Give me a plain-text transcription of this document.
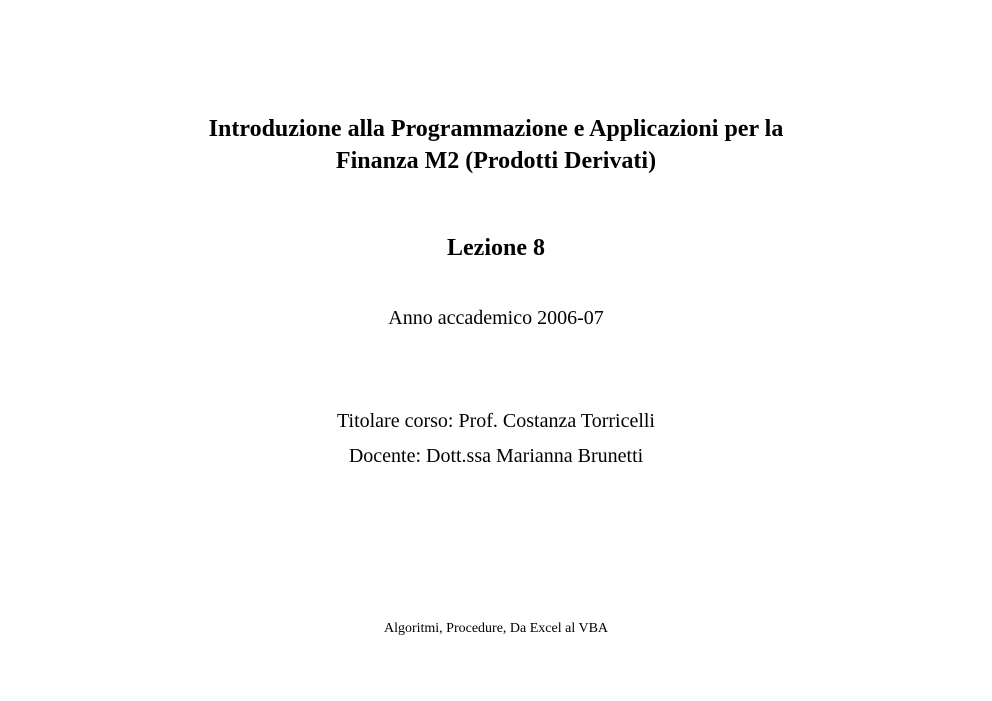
Introduzione alla Programmazione e Applicazioni per la
Finanza M2 (Prodotti Derivati)
Lezione 8
Anno accademico 2006-07
Titolare corso: Prof. Costanza Torricelli
Docente: Dott.ssa Marianna Brunetti
Algoritmi, Procedure, Da Excel al VBA
